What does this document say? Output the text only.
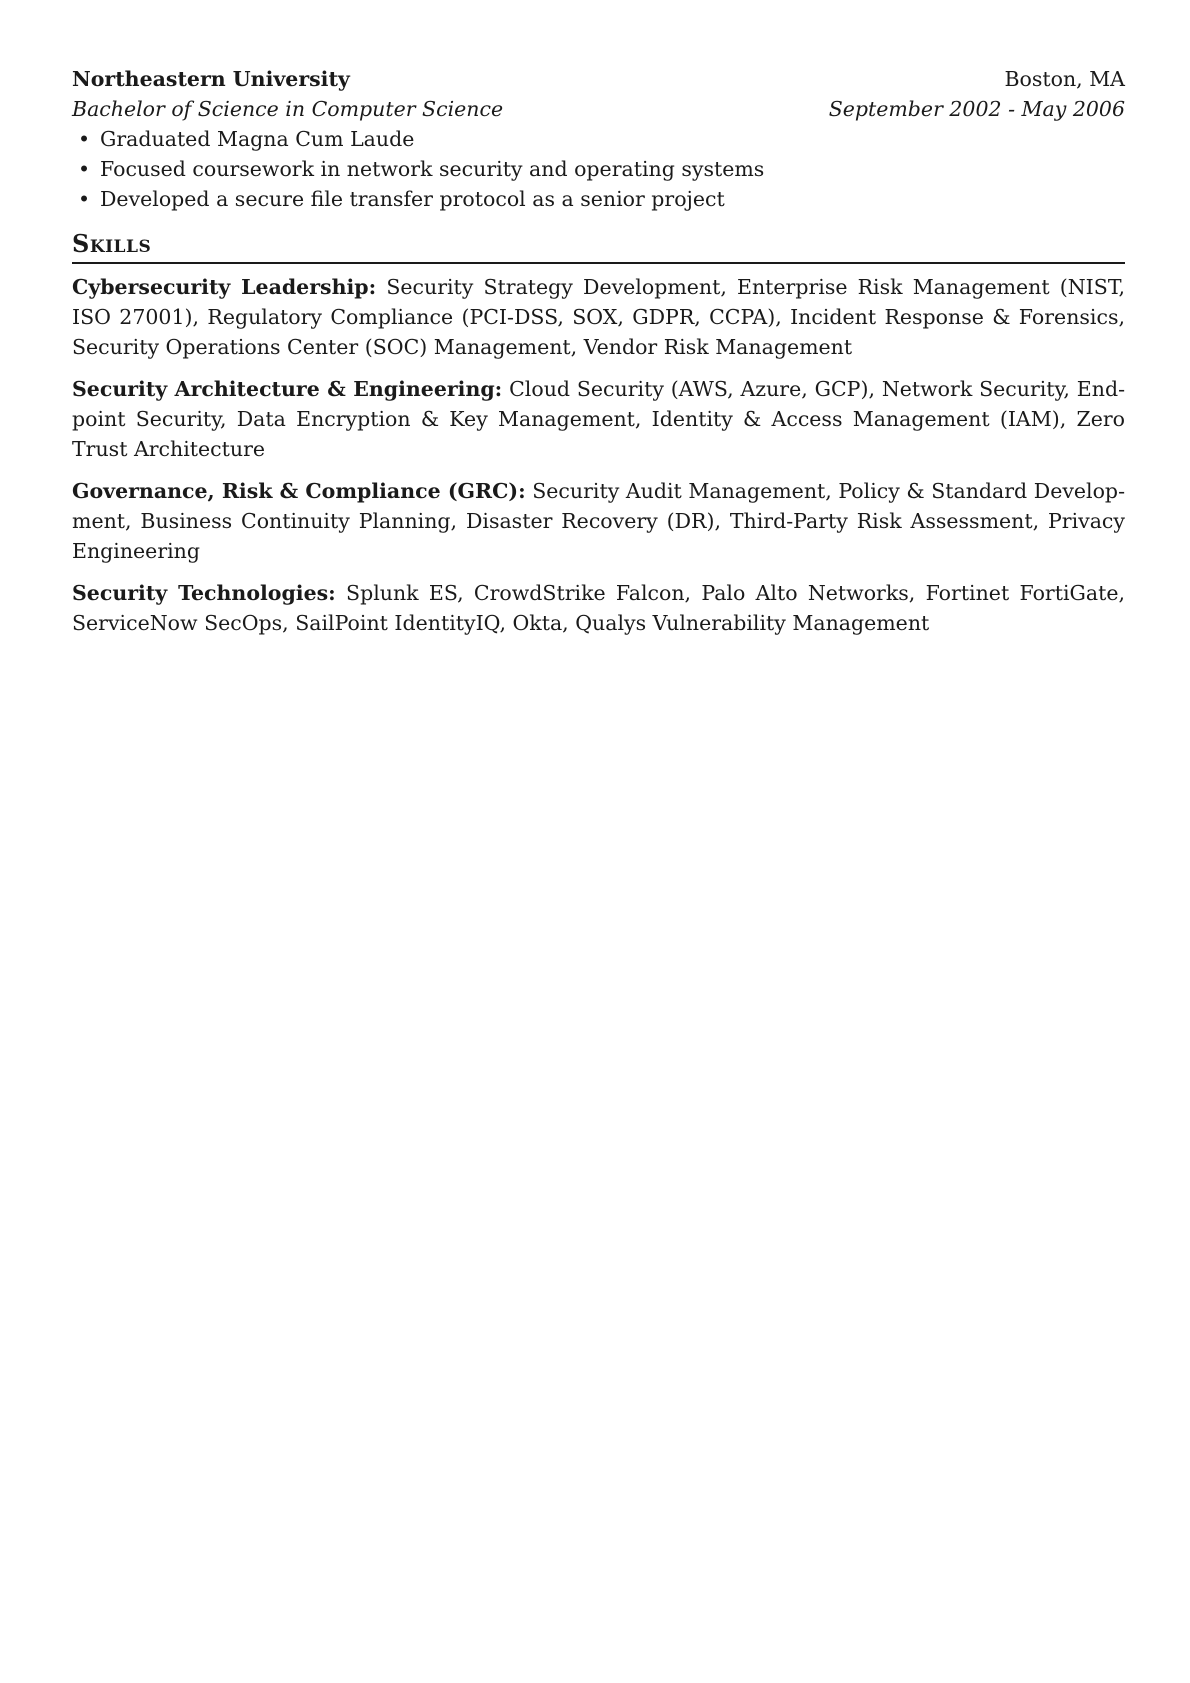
Northeastern University	Boston, MA
Bachelor of Science in Computer Science	September 2002 - May 2006
• Graduated Magna Cum Laude
• Focused coursework in network security and operating systems
• Developed a secure file transfer protocol as a senior project
Skills

Cybersecurity Leadership: Security Strategy Development, Enterprise Risk Management (NIST, ISO 27001), Regulatory Compliance (PCI-DSS, SOX, GDPR, CCPA), Incident Response & Forensics, Security Operations Center (SOC) Management, Vendor Risk Management

Security Architecture & Engineering: Cloud Security (AWS, Azure, GCP), Network Security, Endpoint Security, Data Encryption & Key Management, Identity & Access Management (IAM), Zero Trust Architecture

Governance, Risk & Compliance (GRC): Security Audit Management, Policy & Standard Development, Business Continuity Planning, Disaster Recovery (DR), Third-Party Risk Assessment, Privacy Engineering

Security Technologies: Splunk ES, CrowdStrike Falcon, Palo Alto Networks, Fortinet FortiGate, ServiceNow SecOps, SailPoint IdentityIQ, Okta, Qualys Vulnerability Management
